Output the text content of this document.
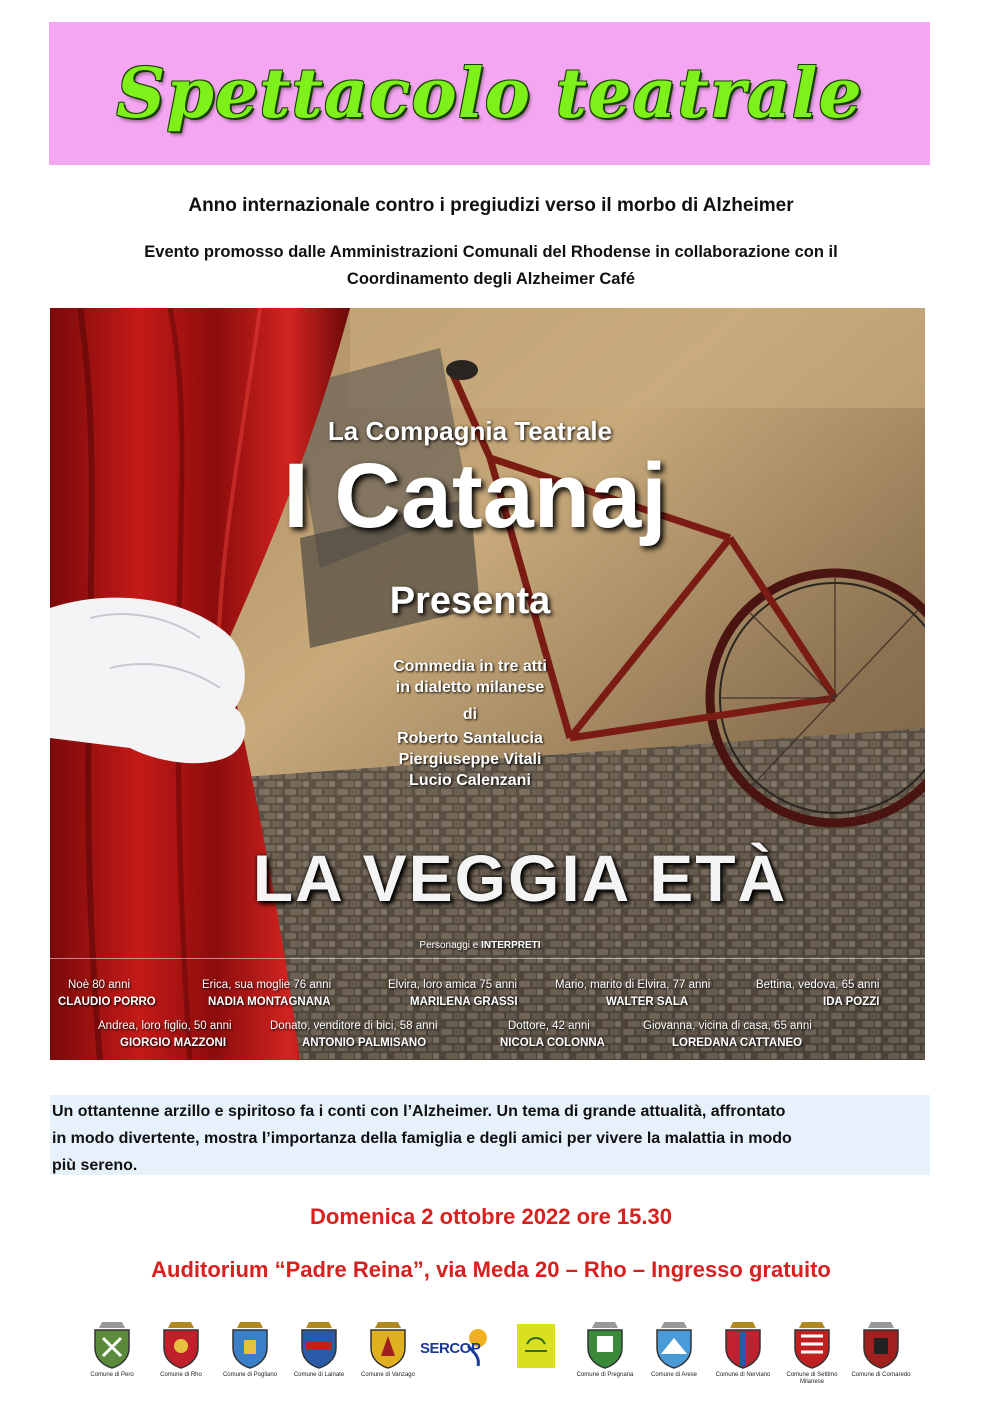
Spettacolo teatrale
Anno internazionale contro i pregiudizi verso il morbo di Alzheimer
Evento promosso dalle Amministrazioni Comunali del Rhodense in collaborazione con il
Coordinamento degli Alzheimer Café
La Compagnia Teatrale
I Catanaj
Presenta
Commedia in tre atti
in dialetto milanese
di
Roberto Santalucia
Piergiuseppe Vitali
Lucio Calenzani
LA VEGGIA ETÀ
Personaggi e INTERPRETI
Noè 80 anni
CLAUDIO PORRO
Erica, sua moglie 76 anni
NADIA MONTAGNANA
Elvira, loro amica 75 anni
MARILENA GRASSI
Mario, marito di Elvira, 77 anni
WALTER SALA
Bettina, vedova, 65 anni
IDA POZZI
Andrea, loro figlio, 50 anni
GIORGIO MAZZONI
Donato, venditore di bici, 58 anni
ANTONIO PALMISANO
Dottore, 42 anni
NICOLA COLONNA
Giovanna, vicina di casa, 65 anni
LOREDANA CATTANEO
Un ottantenne arzillo e spiritoso fa i conti con l’Alzheimer. Un tema di grande attualità, affrontato
in modo divertente, mostra l’importanza della famiglia e degli amici per vivere la malattia in modo
più sereno.
Domenica 2 ottobre 2022 ore 15.30
Auditorium “Padre Reina”, via Meda 20 – Rho – Ingresso gratuito
Comune di Pero	Comune di Rho	Comune di Pogliano	Comune di Lainate	Comune di Vanzago
SERCOP
Comune di Pregnana	Comune di Arese	Comune di Nerviano	Comune di Settimo Milanese
Comune di Cornaredo
